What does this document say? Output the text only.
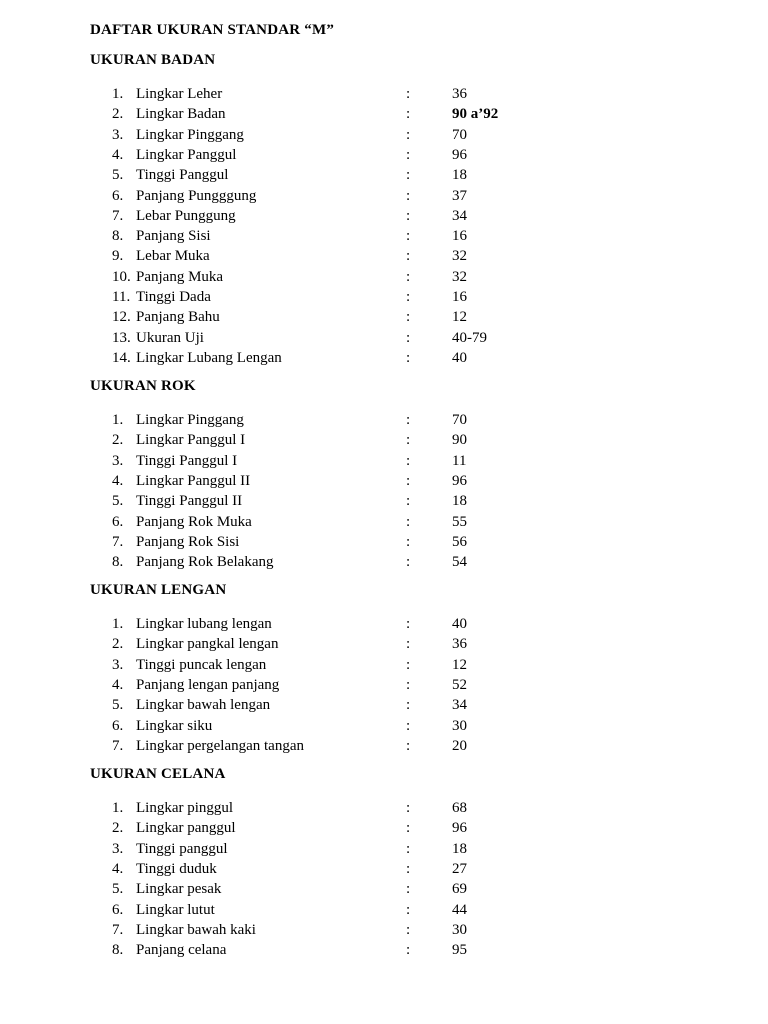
DAFTAR UKURAN STANDAR “M”
UKURAN BADAN
1. Lingkar Leher	:	36
2. Lingkar Badan	:	90 a’92
3. Lingkar Pinggang	:	70
4. Lingkar Panggul	:	96
5. Tinggi Panggul	:	18
6. Panjang Pungggung	:	37
7. Lebar Punggung	:	34
8. Panjang Sisi	:	16
9. Lebar Muka	:	32
10. Panjang Muka	:	32
11. Tinggi Dada	:	16
12. Panjang Bahu	:	12
13. Ukuran Uji	:	40-79
14. Lingkar Lubang Lengan	:	40
UKURAN ROK
1. Lingkar Pinggang	:	70
2. Lingkar Panggul I	:	90
3. Tinggi Panggul I	:	11
4. Lingkar Panggul II	:	96
5. Tinggi Panggul II	:	18
6. Panjang Rok Muka	:	55
7. Panjang Rok Sisi	:	56
8. Panjang Rok Belakang	:	54
UKURAN LENGAN
1. Lingkar lubang lengan	:	40
2. Lingkar pangkal lengan	:	36
3. Tinggi puncak lengan	:	12
4. Panjang lengan panjang	:	52
5. Lingkar bawah lengan	:	34
6. Lingkar siku	:	30
7. Lingkar pergelangan tangan	:	20
UKURAN CELANA
1. Lingkar pinggul	:	68
2. Lingkar panggul	:	96
3. Tinggi panggul	:	18
4. Tinggi duduk	:	27
5. Lingkar pesak	:	69
6. Lingkar lutut	:	44
7. Lingkar bawah kaki	:	30
8. Panjang celana	:	95
